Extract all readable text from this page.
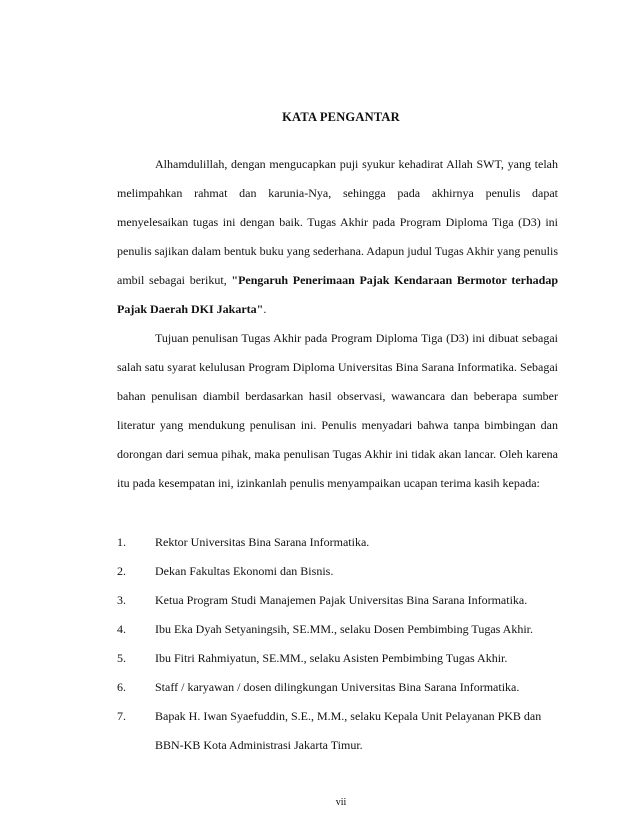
KATA PENGANTAR

Alhamdulillah, dengan mengucapkan puji syukur kehadirat Allah SWT, yang telah melimpahkan rahmat dan karunia-Nya, sehingga pada akhirnya penulis dapat menyelesaikan tugas ini dengan baik. Tugas Akhir pada Program Diploma Tiga (D3) ini penulis sajikan dalam bentuk buku yang sederhana. Adapun judul Tugas Akhir yang penulis ambil sebagai berikut, "Pengaruh Penerimaan Pajak Kendaraan Bermotor terhadap Pajak Daerah DKI Jakarta".

Tujuan penulisan Tugas Akhir pada Program Diploma Tiga (D3) ini dibuat sebagai salah satu syarat kelulusan Program Diploma Universitas Bina Sarana Informatika. Sebagai bahan penulisan diambil berdasarkan hasil observasi, wawancara dan beberapa sumber literatur yang mendukung penulisan ini. Penulis menyadari bahwa tanpa bimbingan dan dorongan dari semua pihak, maka penulisan Tugas Akhir ini tidak akan lancar. Oleh karena itu pada kesempatan ini, izinkanlah penulis menyampaikan ucapan terima kasih kepada:

1.	Rektor Universitas Bina Sarana Informatika.
2.	Dekan Fakultas Ekonomi dan Bisnis.
3.	Ketua Program Studi Manajemen Pajak Universitas Bina Sarana Informatika.
4.	Ibu Eka Dyah Setyaningsih, SE.MM., selaku Dosen Pembimbing Tugas Akhir.
5.	Ibu Fitri Rahmiyatun, SE.MM., selaku Asisten Pembimbing Tugas Akhir.
6.	Staff / karyawan / dosen dilingkungan Universitas Bina Sarana Informatika.
7.	Bapak H. Iwan Syaefuddin, S.E., M.M., selaku Kepala Unit Pelayanan PKB dan BBN-KB Kota Administrasi Jakarta Timur.
vii
